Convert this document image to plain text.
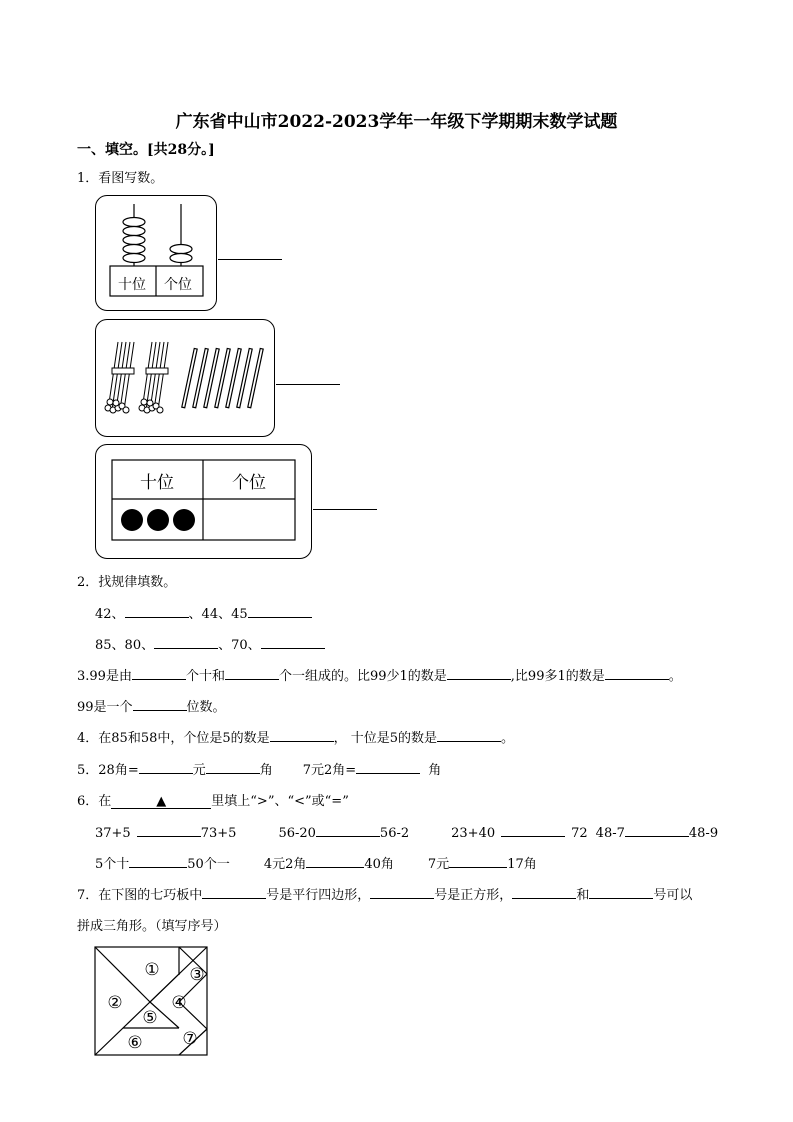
广东省中山市2022-2023学年一年级下学期期末数学试题
一、填空。[共28分。]
1．看图写数。
十位 个位
十位	个位
2．找规律填数。
42、	、44、45
85、80、	、70、
3.99是由	个十和	个一组成的。比99少1的数是	,比99多1的数是	。
99是一个	位数。
4．在85和58中，个位是5的数是	， 十位是5的数是	。
5．28角=	元	角 7元2角=	角
6．在	▲	里填上“>”、“<”或“=”
37+5	73+5	56-20	56-2	23+40	72 48-7	48-9
5个十	50个一	4元2角	40角	7元	17角
7．在下图的七巧板中	号是平行四边形，	号是正方形，	和	号可以
拼成三角形。（填写序号）
①
②
③
④
⑤
⑥ ⑦
